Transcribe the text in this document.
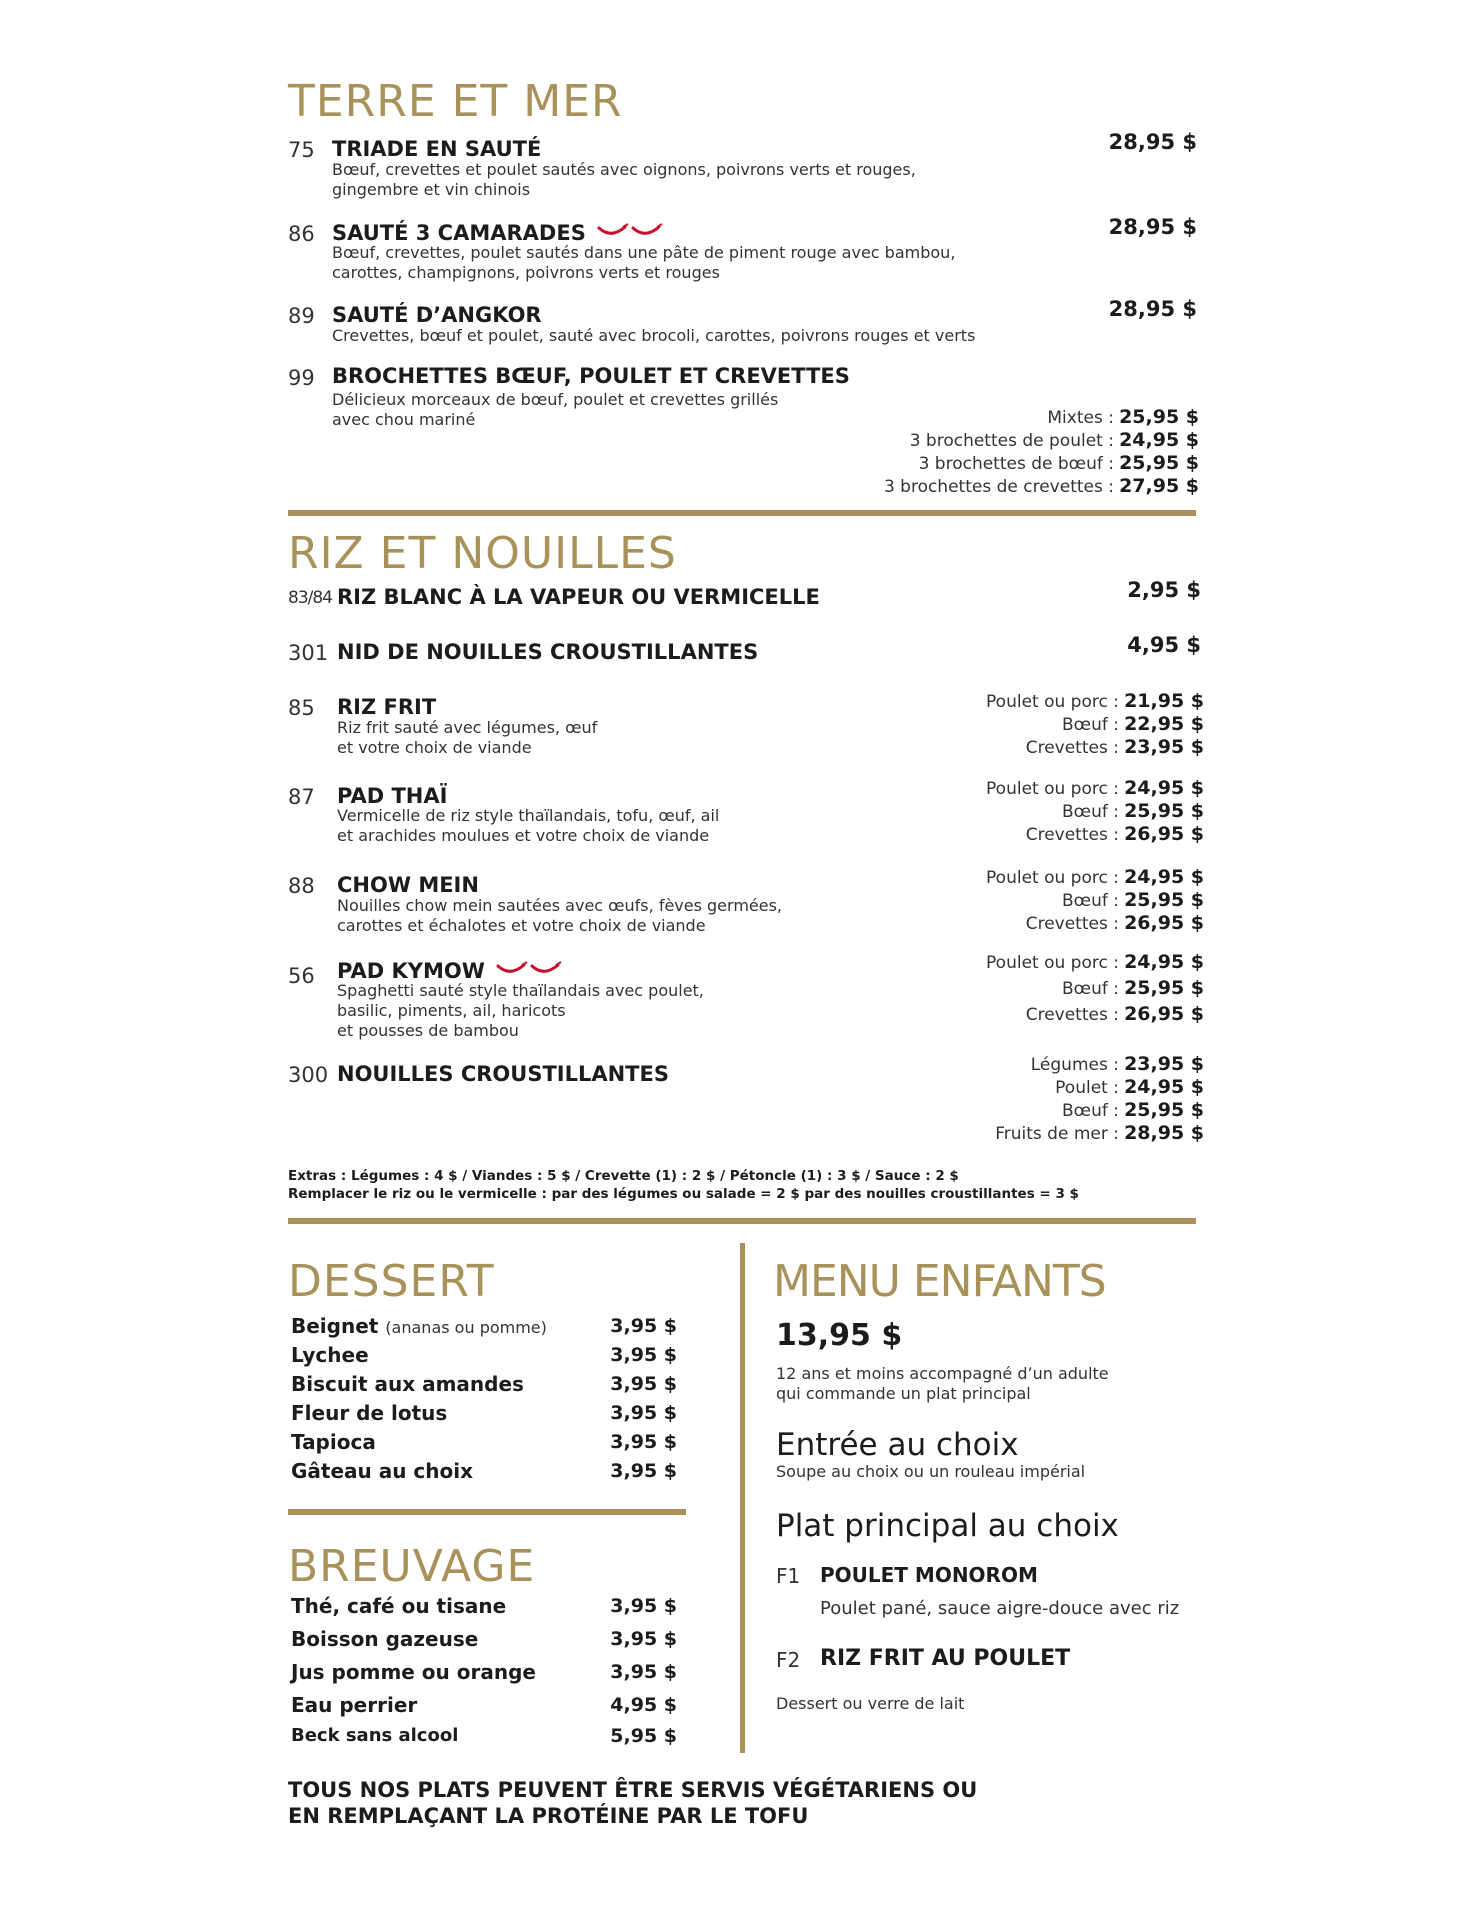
TERRE ET MER
75 TRIADE EN SAUTÉ	28,95 $
Bœuf, crevettes et poulet sautés avec oignons, poivrons verts et rouges,
gingembre et vin chinois
86 SAUTÉ 3 CAMARADES	28,95 $
Bœuf, crevettes, poulet sautés dans une pâte de piment rouge avec bambou,
carottes, champignons, poivrons verts et rouges
89 SAUTÉ D’ANGKOR	28,95 $
Crevettes, bœuf et poulet, sauté avec brocoli, carottes, poivrons rouges et verts
99 BROCHETTES BŒUF, POULET ET CREVETTES
Délicieux morceaux de bœuf, poulet et crevettes grillés
avec chou mariné	Mixtes : 25,95 $
3 brochettes de poulet : 24,95 $
3 brochettes de bœuf : 25,95 $
3 brochettes de crevettes : 27,95 $
RIZ ET NOUILLES
83/84 RIZ BLANC À LA VAPEUR OU VERMICELLE	2,95 $
301 NID DE NOUILLES CROUSTILLANTES	4,95 $
85 RIZ FRIT
Riz frit sauté avec légumes, œuf
et votre choix de viande
Poulet ou porc : 21,95 $
Bœuf : 22,95 $
Crevettes : 23,95 $
87 PAD THAÏ
Vermicelle de riz style thaïlandais, tofu, œuf, ail
et arachides moulues et votre choix de viande
Poulet ou porc : 24,95 $
Bœuf : 25,95 $
Crevettes : 26,95 $
88 CHOW MEIN
Nouilles chow mein sautées avec œufs, fèves germées,
carottes et échalotes et votre choix de viande
Poulet ou porc : 24,95 $
Bœuf : 25,95 $
Crevettes : 26,95 $
56 PAD KYMOW
Spaghetti sauté style thaïlandais avec poulet,
basilic, piments, ail, haricots
et pousses de bambou
Poulet ou porc : 24,95 $
Bœuf : 25,95 $
Crevettes : 26,95 $
300 NOUILLES CROUSTILLANTES	Légumes : 23,95 $
Poulet : 24,95 $
Bœuf : 25,95 $
Fruits de mer : 28,95 $
Extras : Légumes : 4 $ / Viandes : 5 $ / Crevette (1) : 2 $ / Pétoncle (1) : 3 $ / Sauce : 2 $
Remplacer le riz ou le vermicelle : par des légumes ou salade = 2 $ par des nouilles croustillantes = 3 $
DESSERT
Beignet (ananas ou pomme)	3,95 $
Lychee	3,95 $
Biscuit aux amandes	3,95 $
Fleur de lotus	3,95 $
Tapioca	3,95 $
Gâteau au choix	3,95 $
BREUVAGE
Thé, café ou tisane	3,95 $
Boisson gazeuse	3,95 $
Jus pomme ou orange	3,95 $
Eau perrier	4,95 $
Beck sans alcool	5,95 $
MENU ENFANTS
13,95 $
12 ans et moins accompagné d’un adulte
qui commande un plat principal
Entrée au choix
Soupe au choix ou un rouleau impérial
Plat principal au choix
F1 POULET MONOROM
Poulet pané, sauce aigre-douce avec riz
F2 RIZ FRIT AU POULET
Dessert ou verre de lait
TOUS NOS PLATS PEUVENT ÊTRE SERVIS VÉGÉTARIENS OU
EN REMPLAÇANT LA PROTÉINE PAR LE TOFU
